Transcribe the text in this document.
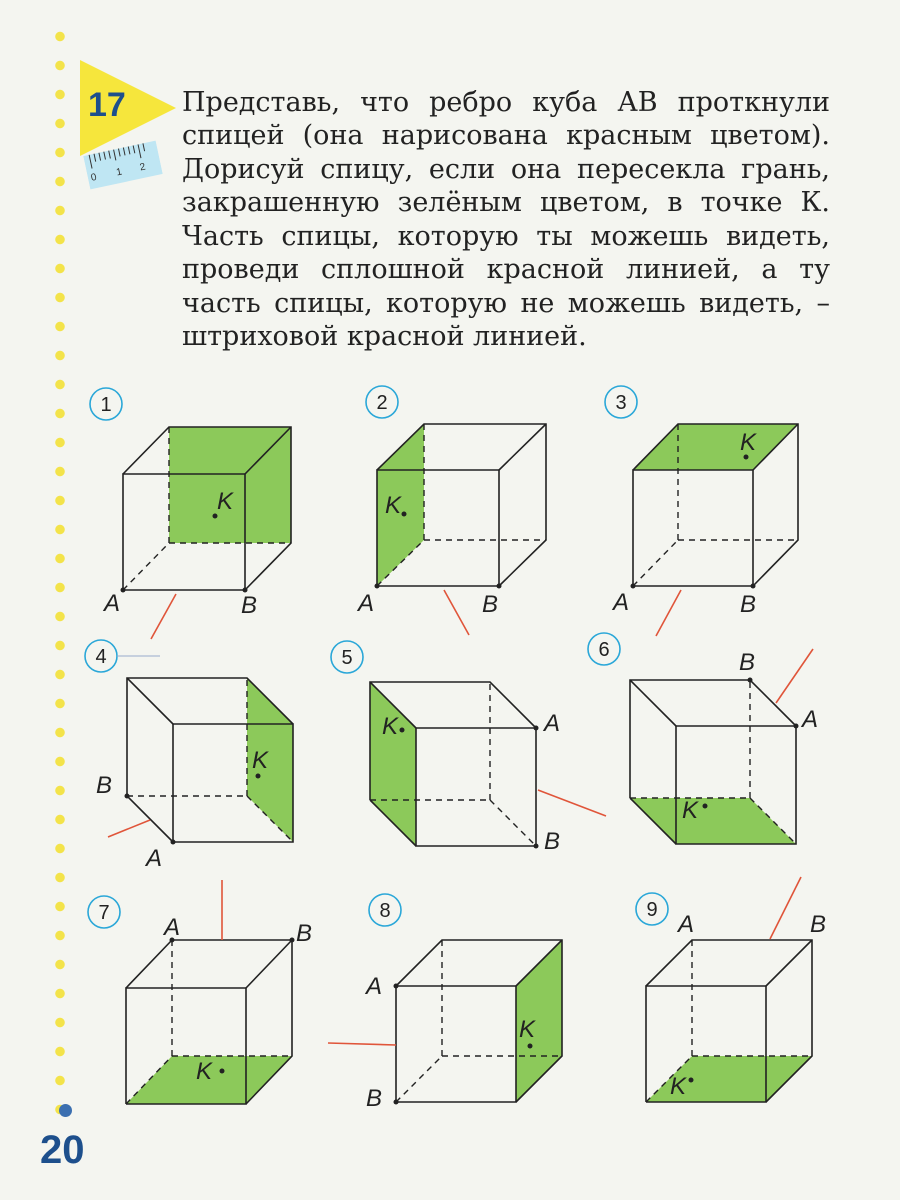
17
0 1 2

Представь, что ребро куба АВ проткнули спицей (она нарисована красным цветом). Дорисуй спицу, если она пересекла грань, закрашенную зелёным цветом, в точке К. Часть спицы, которую ты можешь видеть, проведи сплошной красной линией, а ту часть спицы, которую не можешь видеть, – штриховой красной линией.

1
A	B
K
2
A	B
K
3
A	B
K
4
B
A
K
5
A
B
K
6	B
A
K
7
A	B
K
8
A
B
K
9
A	B
K
20
